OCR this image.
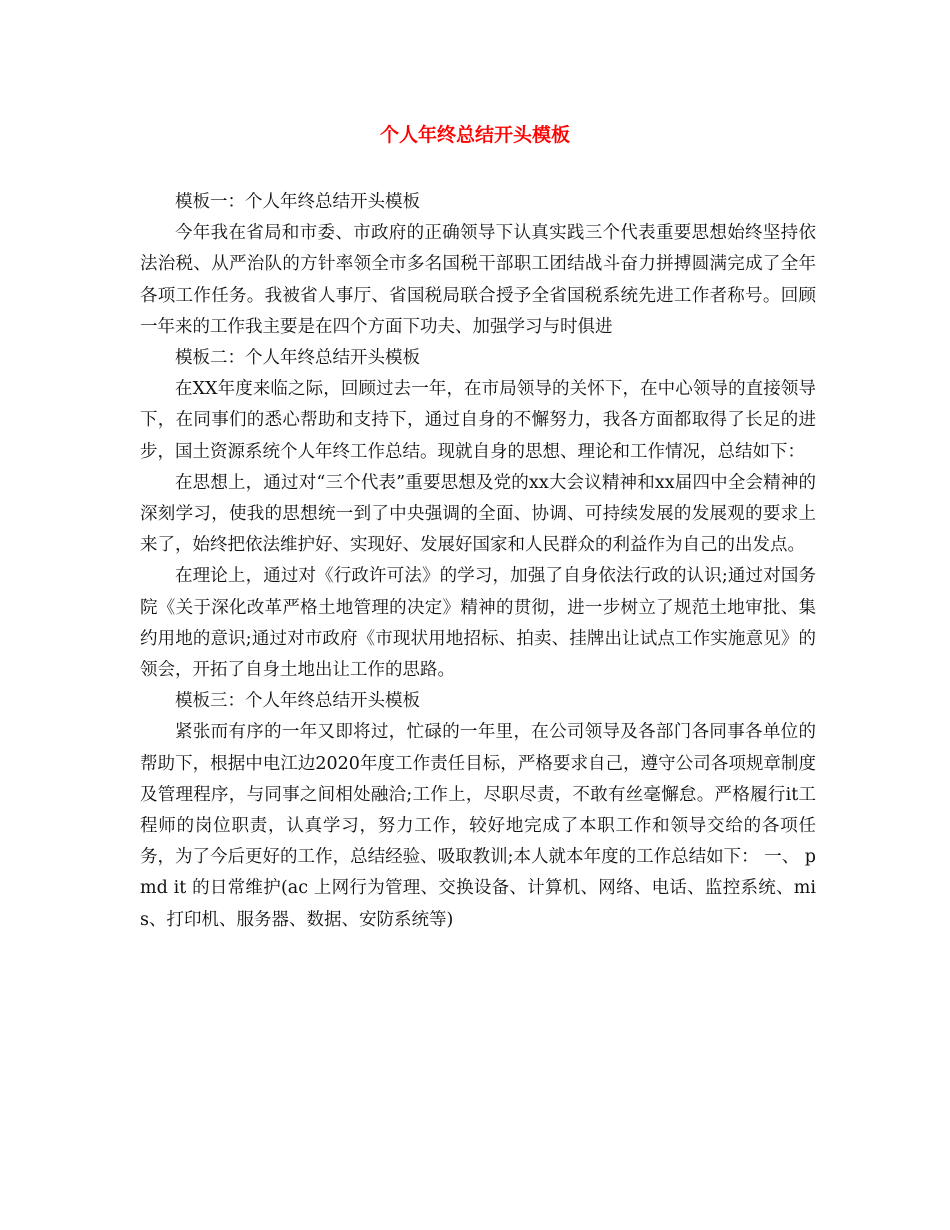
个人年终总结开头模板

模板一：个人年终总结开头模板

今年我在省局和市委、市政府的正确领导下认真实践三个代表重要思想始终坚持依法治税、从严治队的方针率领全市多名国税干部职工团结战斗奋力拼搏圆满完成了全年各项工作任务。我被省人事厅、省国税局联合授予全省国税系统先进工作者称号。回顾一年来的工作我主要是在四个方面下功夫、加强学习与时俱进

模板二：个人年终总结开头模板

在XX年度来临之际，回顾过去一年，在市局领导的关怀下，在中心领导的直接领导下，在同事们的悉心帮助和支持下，通过自身的不懈努力，我各方面都取得了长足的进步，国土资源系统个人年终工作总结。现就自身的思想、理论和工作情况，总结如下：

在思想上，通过对“三个代表”重要思想及党的xx大会议精神和xx届四中全会精神的深刻学习，使我的思想统一到了中央强调的全面、协调、可持续发展的发展观的要求上来了，始终把依法维护好、实现好、发展好国家和人民群众的利益作为自己的出发点。

在理论上，通过对《行政许可法》的学习，加强了自身依法行政的认识;通过对国务院《关于深化改革严格土地管理的决定》精神的贯彻，进一步树立了规范土地审批、集约用地的意识;通过对市政府《市现状用地招标、拍卖、挂牌出让试点工作实施意见》的领会，开拓了自身土地出让工作的思路。

模板三：个人年终总结开头模板

紧张而有序的一年又即将过，忙碌的一年里，在公司领导及各部门各同事各单位的帮助下，根据中电江边2020年度工作责任目标，严格要求自己，遵守公司各项规章制度及管理程序，与同事之间相处融洽;工作上，尽职尽责，不敢有丝毫懈怠。严格履行it工程师的岗位职责，认真学习，努力工作，较好地完成了本职工作和领导交给的各项任务，为了今后更好的工作，总结经验、吸取教训;本人就本年度的工作总结如下： 一、 pmd it 的日常维护(ac 上网行为管理、交换设备、计算机、网络、电话、监控系统、mis、打印机、服务器、数据、安防系统等)
